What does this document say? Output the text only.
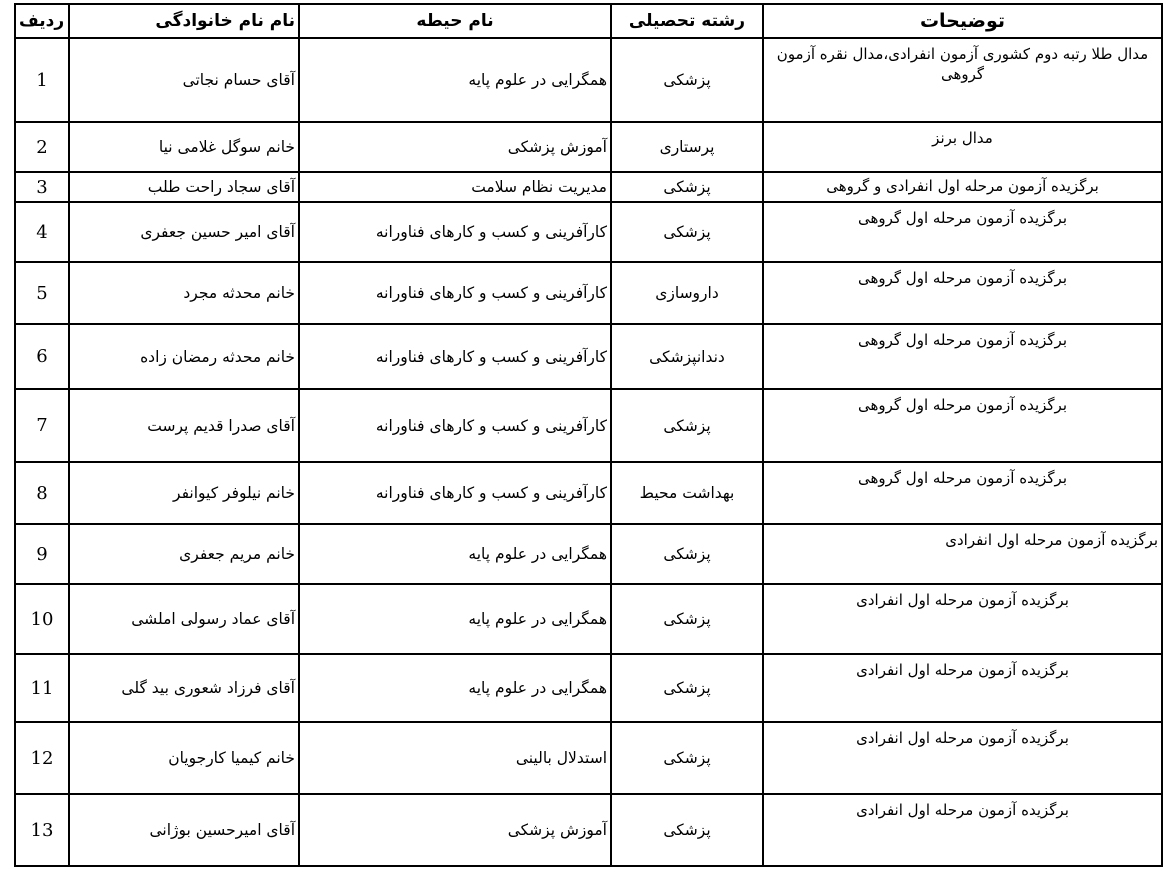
ردیف	نام نام خانوادگی	نام حیطه	رشته تحصیلی	توضیحات
1	آقای حسام نجاتی	همگرایی در علوم پایه	پزشکی	مدال طلا رتبه دوم کشوری آزمون انفرادی،مدال نقره آزمون گروهی
2	خانم سوگل غلامی نیا	آموزش پزشکی	پرستاری	مدال برنز
3	آقای سجاد راحت طلب	مدیریت نظام سلامت	پزشکی	برگزیده آزمون مرحله اول انفرادی و گروهی
4	آقای امیر حسین جعفری	کارآفرینی و کسب و کارهای فناورانه	پزشکی	برگزیده آزمون مرحله اول گروهی
5	خانم محدثه مجرد	کارآفرینی و کسب و کارهای فناورانه	داروسازی	برگزیده آزمون مرحله اول گروهی
6	خانم محدثه رمضان زاده	کارآفرینی و کسب و کارهای فناورانه	دندانپزشکی	برگزیده آزمون مرحله اول گروهی
7	آقای صدرا قدیم پرست	کارآفرینی و کسب و کارهای فناورانه	پزشکی	برگزیده آزمون مرحله اول گروهی
8	خانم نیلوفر کیوانفر	کارآفرینی و کسب و کارهای فناورانه	بهداشت محیط	برگزیده آزمون مرحله اول گروهی
9	خانم مریم جعفری	همگرایی در علوم پایه	پزشکی	برگزیده آزمون مرحله اول انفرادی
10	آقای عماد رسولی املشی	همگرایی در علوم پایه	پزشکی	برگزیده آزمون مرحله اول انفرادی
11	آقای فرزاد شعوری بید گلی	همگرایی در علوم پایه	پزشکی	برگزیده آزمون مرحله اول انفرادی
12	خانم کیمیا کارجویان	استدلال بالینی	پزشکی	برگزیده آزمون مرحله اول انفرادی
13	آقای امیرحسین بوژانی	آموزش پزشکی	پزشکی	برگزیده آزمون مرحله اول انفرادی
